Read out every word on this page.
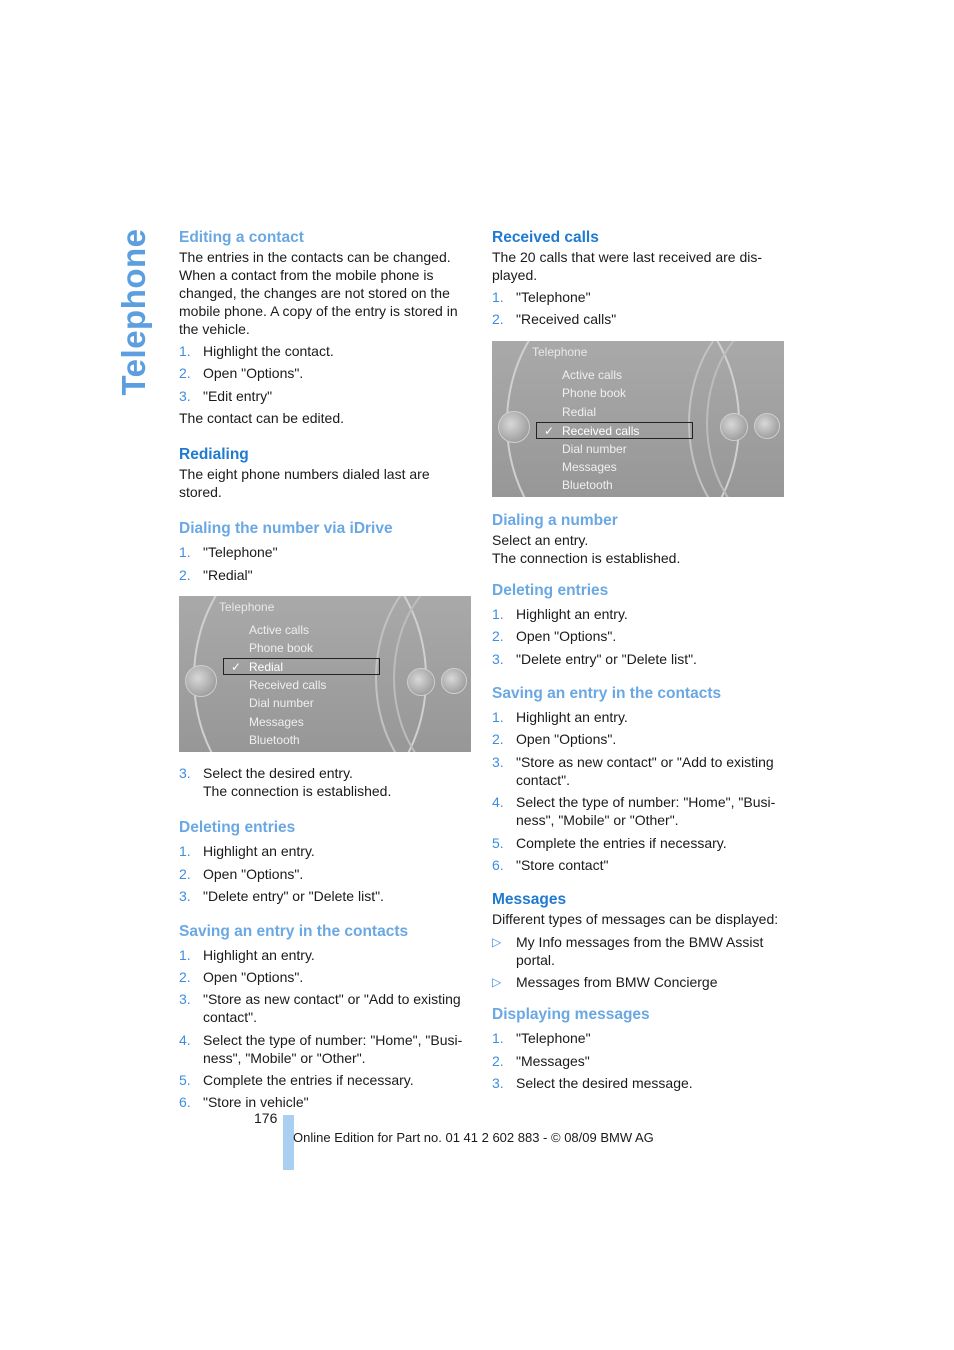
Telephone Editing a contact

The entries in the contacts can be changed. When a contact from the mobile phone is changed, the changes are not stored on the mobile phone. A copy of the entry is stored in the vehicle.

1. Highlight the contact.
2. Open "Options".
3. "Edit entry"

The contact can be edited.

Redialing

The eight phone numbers dialed last are stored.

Dialing the number via iDrive
1. "Telephone"
2. "Redial"
Telephone
Active calls
Phone book
✓ Redial
Received calls
Dial number
Messages
Bluetooth
3. Select the desired entry.
The connection is established.
Deleting entries
1. Highlight an entry.
2. Open "Options".
3. "Delete entry" or "Delete list".
Saving an entry in the contacts
1. Highlight an entry.
2. Open "Options".
3. "Store as new contact" or "Add to existing contact".
4. Select the type of number: "Home", "Busi-ness", "Mobile" or "Other".
5. Complete the entries if necessary.
6. "Store in vehicle"
Received calls

The 20 calls that were last received are dis-played.

1. "Telephone"
2. "Received calls"
Telephone
Active calls
Phone book
Redial
✓ Received calls
Dial number
Messages
Bluetooth
Dialing a number

Select an entry.

The connection is established.

Deleting entries
1. Highlight an entry.
2. Open "Options".
3. "Delete entry" or "Delete list".
Saving an entry in the contacts
1. Highlight an entry.
2. Open "Options".
3. "Store as new contact" or "Add to existing contact".
4. Select the type of number: "Home", "Busi-ness", "Mobile" or "Other".
5. Complete the entries if necessary.
6. "Store contact"
Messages

Different types of messages can be displayed:

▷ My Info messages from the BMW Assist portal.
▷ Messages from BMW Concierge
Displaying messages
1. "Telephone"
2. "Messages"
3. Select the desired message.
176
Online Edition for Part no. 01 41 2 602 883 - © 08/09 BMW AG
